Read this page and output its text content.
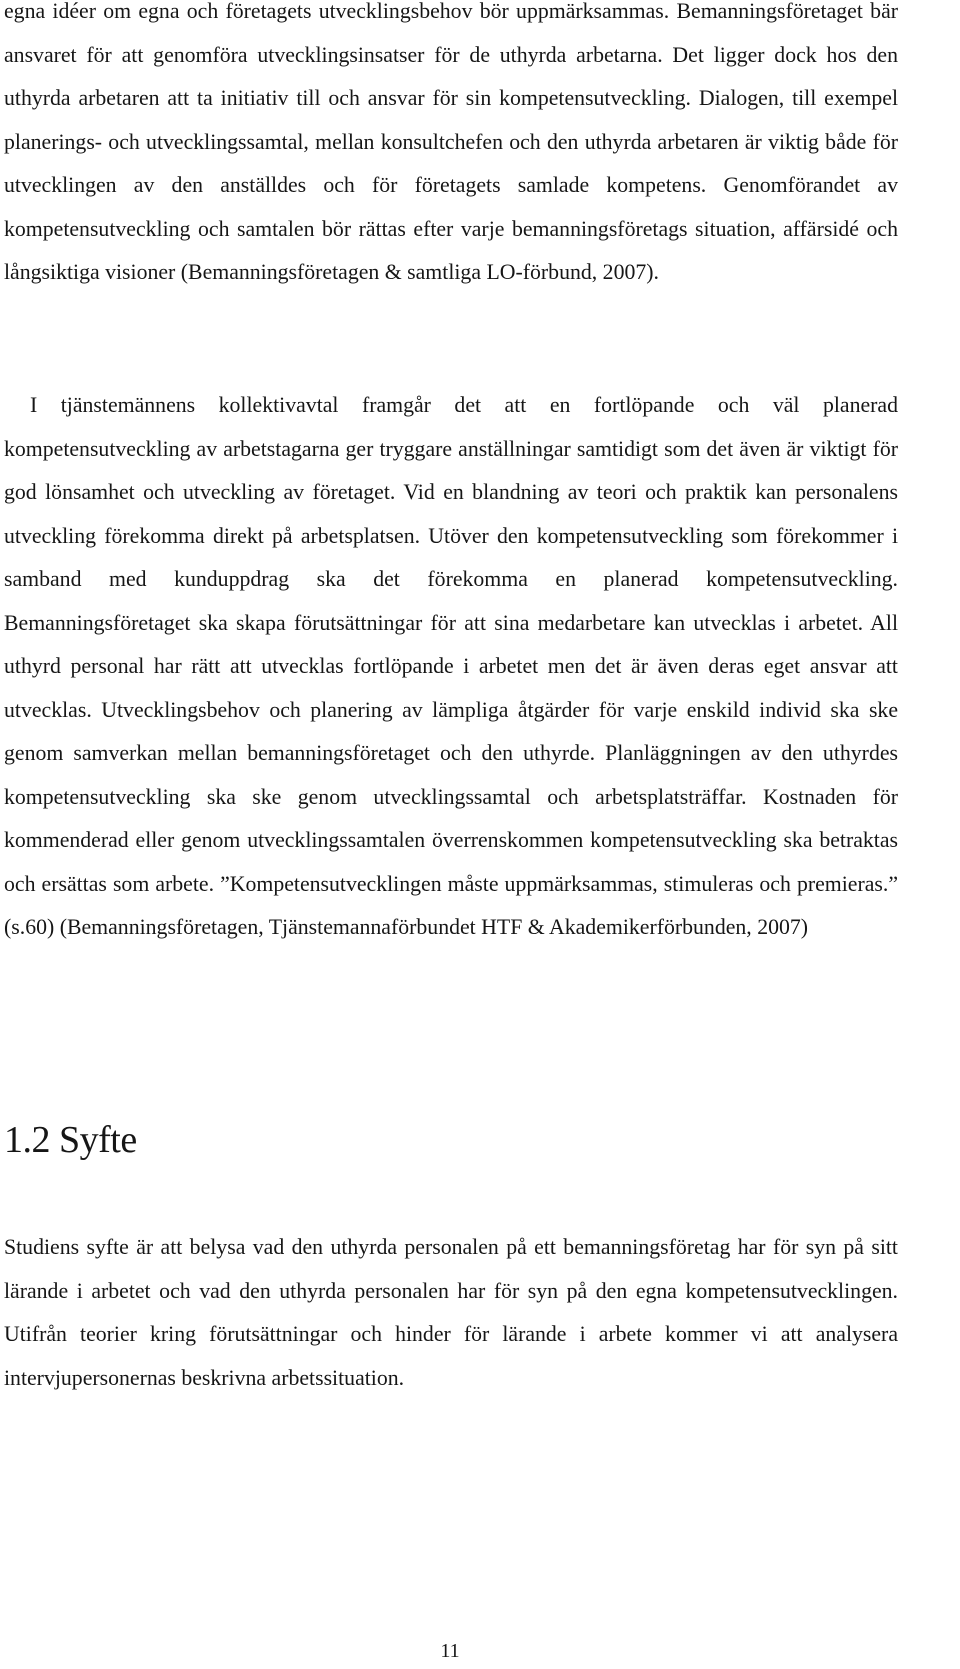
egna idéer om egna och företagets utvecklingsbehov bör uppmärksammas. Bemanningsföretaget bär ansvaret för att genomföra utvecklingsinsatser för de uthyrda arbetarna. Det ligger dock hos den uthyrda arbetaren att ta initiativ till och ansvar för sin kompetensutveckling. Dialogen, till exempel planerings- och utvecklingssamtal, mellan konsultchefen och den uthyrda arbetaren är viktig både för utvecklingen av den anställdes och för företagets samlade kompetens. Genomförandet av kompetensutveckling och samtalen bör rättas efter varje bemanningsföretags situation, affärsidé och långsiktiga visioner (Bemanningsföretagen & samtliga LO-förbund, 2007).

I tjänstemännens kollektivavtal framgår det att en fortlöpande och väl planerad kompetensutveckling av arbetstagarna ger tryggare anställningar samtidigt som det även är viktigt för god lönsamhet och utveckling av företaget. Vid en blandning av teori och praktik kan personalens utveckling förekomma direkt på arbetsplatsen. Utöver den kompetensutveckling som förekommer i samband med kunduppdrag ska det förekomma en planerad kompetensutveckling. Bemanningsföretaget ska skapa förutsättningar för att sina medarbetare kan utvecklas i arbetet. All uthyrd personal har rätt att utvecklas fortlöpande i arbetet men det är även deras eget ansvar att utvecklas. Utvecklingsbehov och planering av lämpliga åtgärder för varje enskild individ ska ske genom samverkan mellan bemanningsföretaget och den uthyrde. Planläggningen av den uthyrdes kompetensutveckling ska ske genom utvecklingssamtal och arbetsplatsträffar. Kostnaden för kommenderad eller genom utvecklingssamtalen överrenskommen kompetensutveckling ska betraktas och ersättas som arbete. ”Kompetensutvecklingen måste uppmärksammas, stimuleras och premieras.” (s.60) (Bemanningsföretagen, Tjänstemannaförbundet HTF & Akademikerförbunden, 2007)

1.2 Syfte

Studiens syfte är att belysa vad den uthyrda personalen på ett bemanningsföretag har för syn på sitt lärande i arbetet och vad den uthyrda personalen har för syn på den egna kompetensutvecklingen. Utifrån teorier kring förutsättningar och hinder för lärande i arbete kommer vi att analysera intervjupersonernas beskrivna arbetssituation.

11
